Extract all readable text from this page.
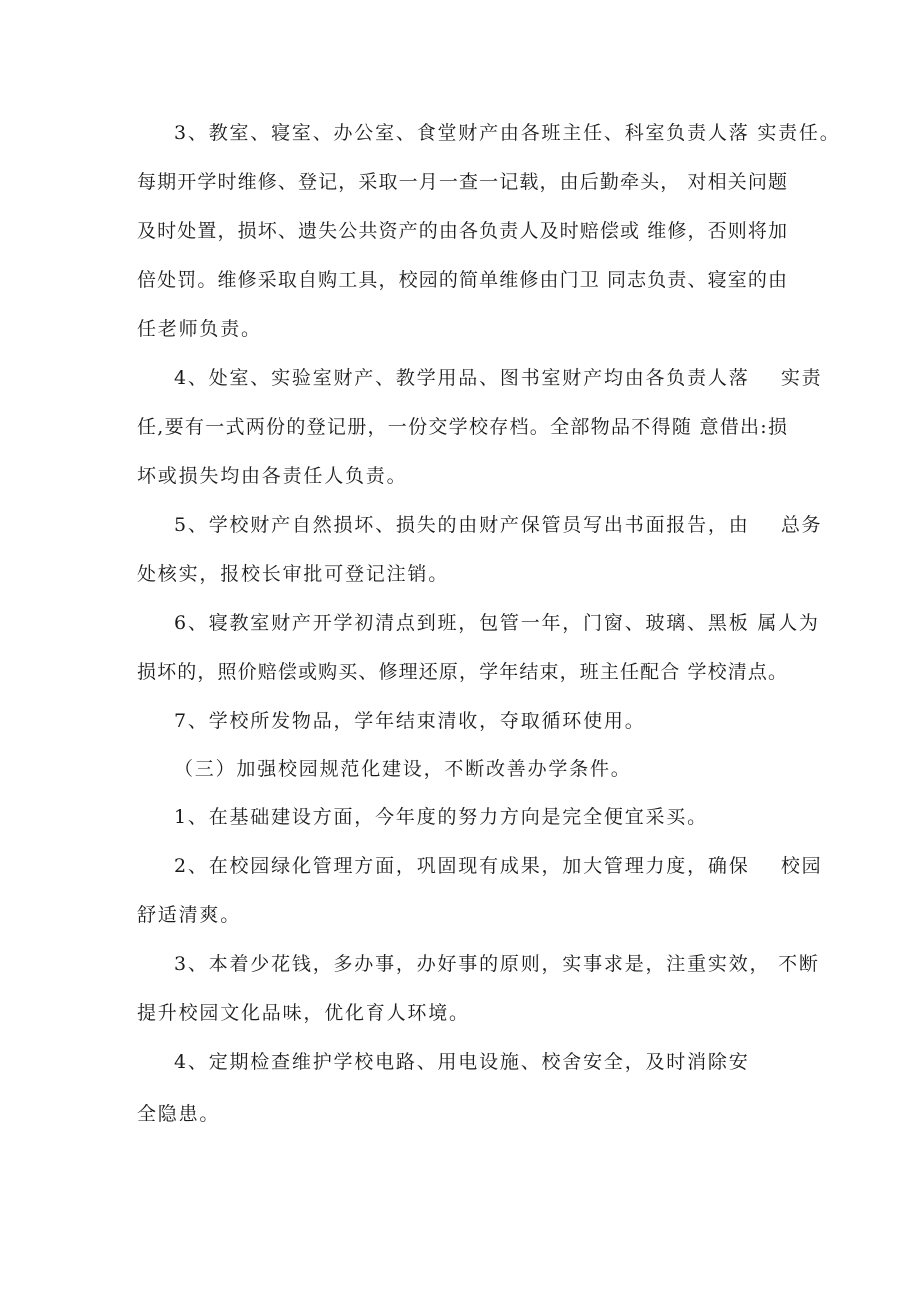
3、教室、寝室、办公室、食堂财产由各班主任、科室负责人落 实责任。
每期开学时维修、登记，采取一月一查一记载，由后勤牵头， 对相关问题
及时处置，损坏、遗失公共资产的由各负责人及时赔偿或 维修，否则将加
倍处罚。维修采取自购工具，校园的简单维修由门卫 同志负责、寝室的由
任老师负责。
4、处室、实验室财产、教学用品、图书室财产均由各负责人落    实责
任,要有一式两份的登记册，一份交学校存档。全部物品不得随 意借出:损
坏或损失均由各责任人负责。
5、学校财产自然损坏、损失的由财产保管员写出书面报告，由    总务
处核实，报校长审批可登记注销。
6、寝教室财产开学初清点到班，包管一年，门窗、玻璃、黑板 属人为
损坏的，照价赔偿或购买、修理还原，学年结束，班主任配合 学校清点。
7、学校所发物品，学年结束清收，夺取循环使用。
（三）加强校园规范化建设，不断改善办学条件。
1、在基础建设方面，今年度的努力方向是完全便宜采买。
2、在校园绿化管理方面，巩固现有成果，加大管理力度，确保    校园
舒适清爽。
3、本着少花钱，多办事，办好事的原则，实事求是，注重实效， 不断
提升校园文化品味，优化育人环境。
4、定期检查维护学校电路、用电设施、校舍安全，及时消除安
全隐患。
